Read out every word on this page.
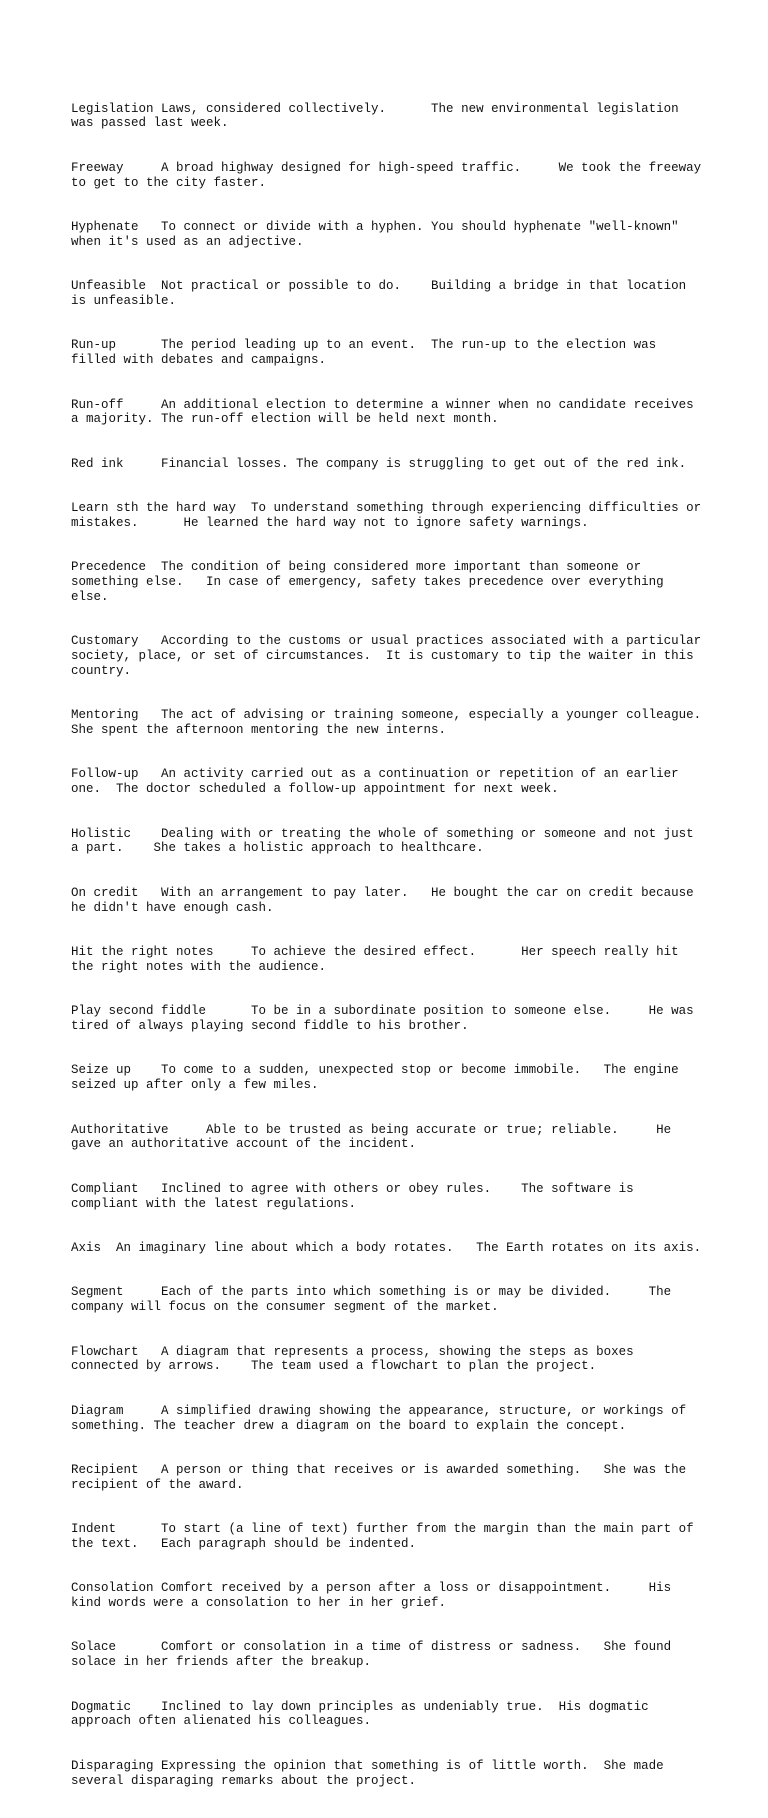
Legislation Laws, considered collectively.      The new environmental legislation was passed last week.

Freeway     A broad highway designed for high-speed traffic.     We took the freeway to get to the city faster.

Hyphenate   To connect or divide with a hyphen. You should hyphenate "well-known" when it's used as an adjective.

Unfeasible  Not practical or possible to do.    Building a bridge in that location is unfeasible.

Run-up      The period leading up to an event.  The run-up to the election was filled with debates and campaigns.

Run-off     An additional election to determine a winner when no candidate receives a majority. The run-off election will be held next month.

Red ink     Financial losses. The company is struggling to get out of the red ink.

Learn sth the hard way  To understand something through experiencing difficulties or mistakes.      He learned the hard way not to ignore safety warnings.

Precedence  The condition of being considered more important than someone or something else.   In case of emergency, safety takes precedence over everything else.

Customary   According to the customs or usual practices associated with a particular society, place, or set of circumstances.  It is customary to tip the waiter in this country.

Mentoring   The act of advising or training someone, especially a younger colleague.  She spent the afternoon mentoring the new interns.

Follow-up   An activity carried out as a continuation or repetition of an earlier one.  The doctor scheduled a follow-up appointment for next week.

Holistic    Dealing with or treating the whole of something or someone and not just a part.    She takes a holistic approach to healthcare.

On credit   With an arrangement to pay later.   He bought the car on credit because he didn't have enough cash.

Hit the right notes     To achieve the desired effect.      Her speech really hit the right notes with the audience.

Play second fiddle      To be in a subordinate position to someone else.     He was tired of always playing second fiddle to his brother.

Seize up    To come to a sudden, unexpected stop or become immobile.   The engine seized up after only a few miles.

Authoritative     Able to be trusted as being accurate or true; reliable.     He gave an authoritative account of the incident.

Compliant   Inclined to agree with others or obey rules.    The software is compliant with the latest regulations.

Axis  An imaginary line about which a body rotates.   The Earth rotates on its axis.

Segment     Each of the parts into which something is or may be divided.     The company will focus on the consumer segment of the market.

Flowchart   A diagram that represents a process, showing the steps as boxes connected by arrows.    The team used a flowchart to plan the project.

Diagram     A simplified drawing showing the appearance, structure, or workings of something. The teacher drew a diagram on the board to explain the concept.

Recipient   A person or thing that receives or is awarded something.   She was the recipient of the award.

Indent      To start (a line of text) further from the margin than the main part of the text.   Each paragraph should be indented.

Consolation Comfort received by a person after a loss or disappointment.     His kind words were a consolation to her in her grief.

Solace      Comfort or consolation in a time of distress or sadness.   She found solace in her friends after the breakup.

Dogmatic    Inclined to lay down principles as undeniably true.  His dogmatic approach often alienated his colleagues.

Disparaging Expressing the opinion that something is of little worth.  She made several disparaging remarks about the project.
